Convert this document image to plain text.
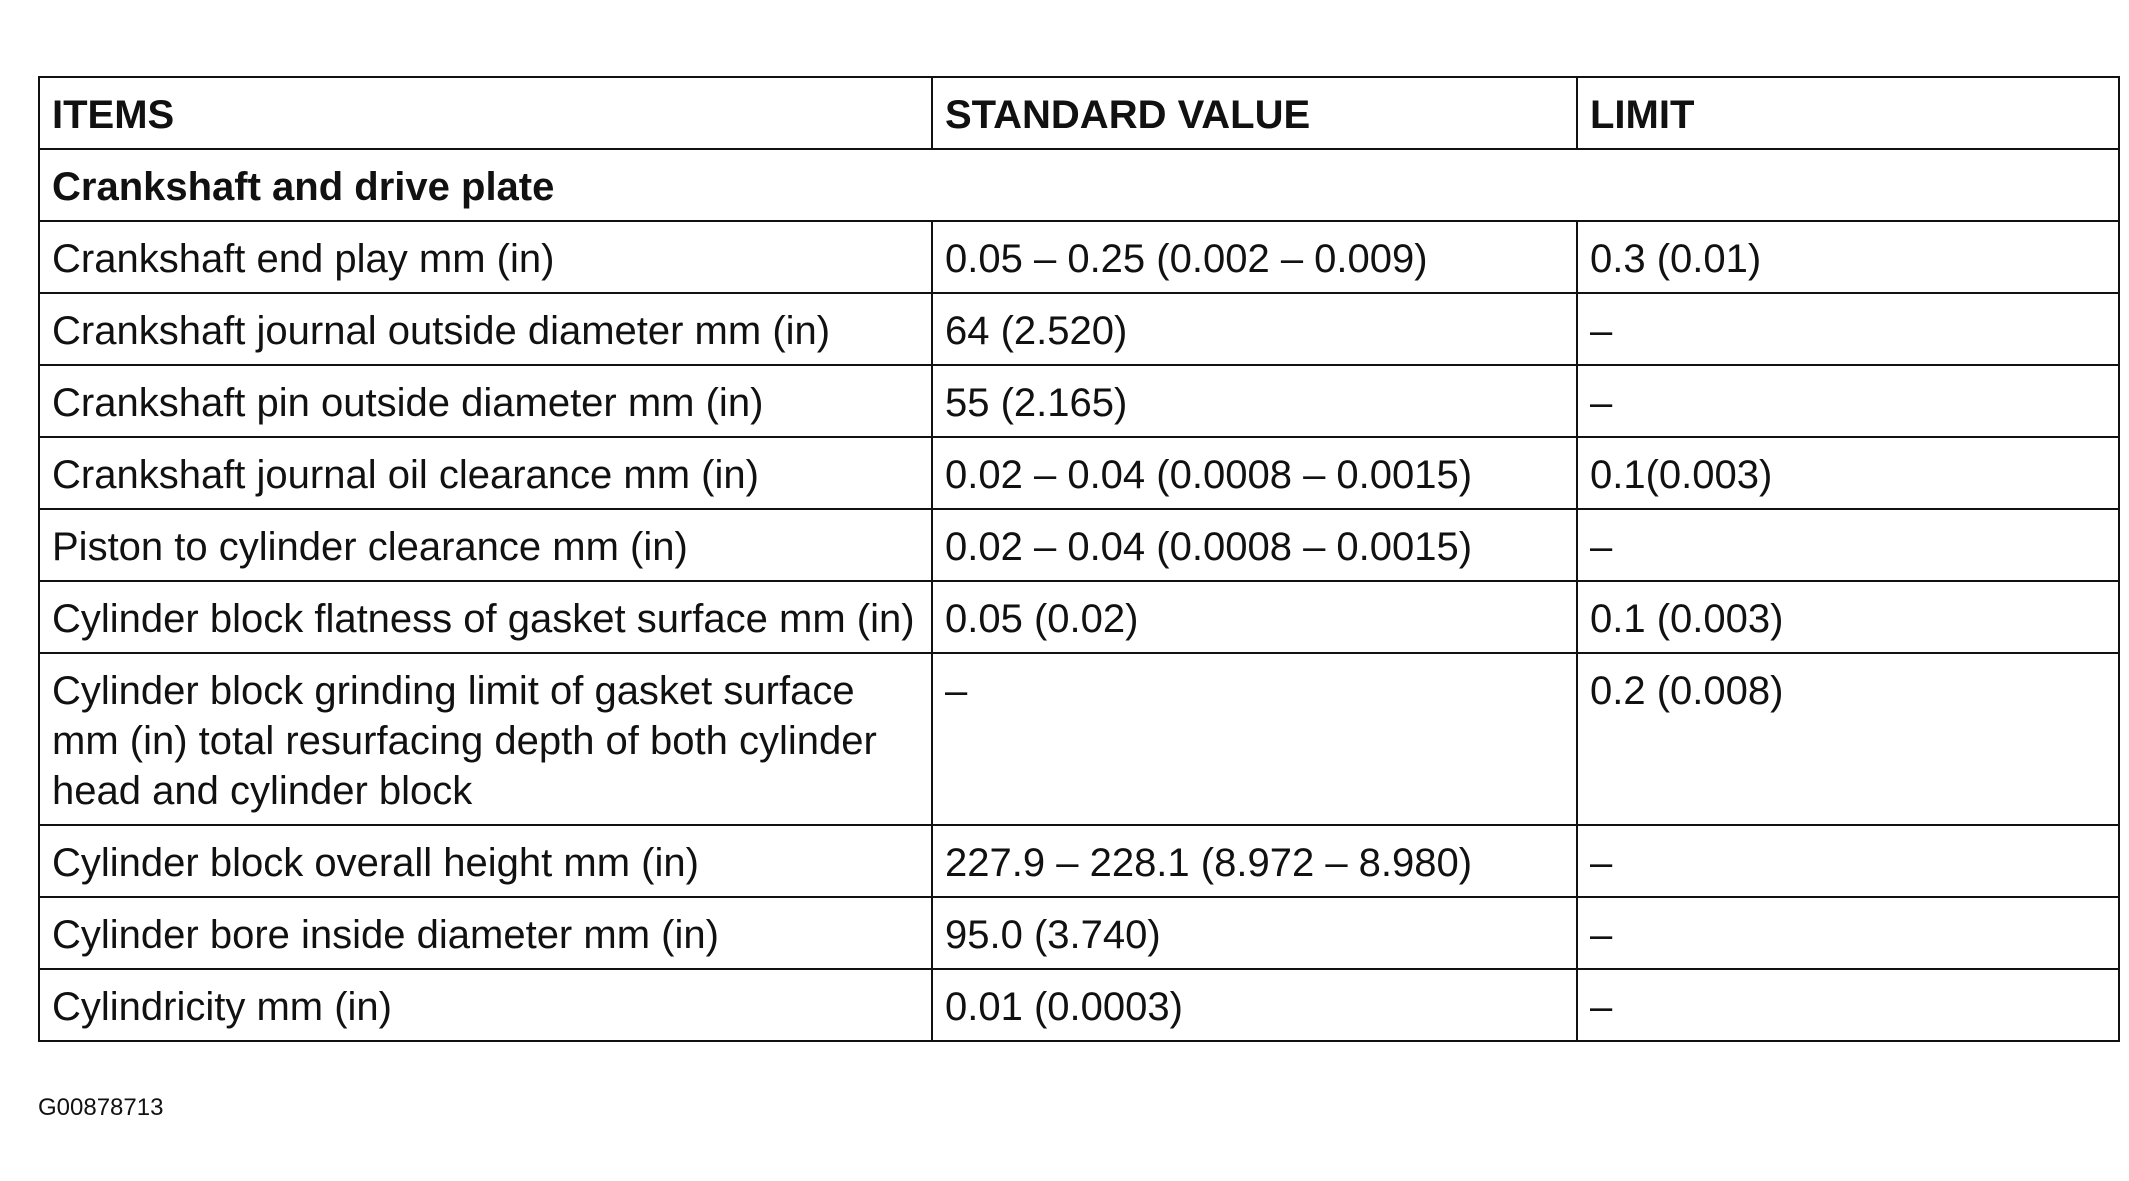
ITEMS	STANDARD VALUE	LIMIT
Crankshaft and drive plate		
Crankshaft end play mm (in)	0.05 – 0.25 (0.002 – 0.009)	0.3 (0.01)
Crankshaft journal outside diameter mm (in)	64 (2.520)	–
Crankshaft pin outside diameter mm (in)	55 (2.165)	–
Crankshaft journal oil clearance mm (in)	0.02 – 0.04 (0.0008 – 0.0015)	0.1(0.003)
Piston to cylinder clearance mm (in)	0.02 – 0.04 (0.0008 – 0.0015)	–
Cylinder block flatness of gasket surface mm (in)	0.05 (0.02)	0.1 (0.003)
Cylinder block grinding limit of gasket surface mm (in) total resurfacing depth of both cylinder head and cylinder block	–	0.2 (0.008)
Cylinder block overall height mm (in)	227.9 – 228.1 (8.972 – 8.980)	–
Cylinder bore inside diameter mm (in)	95.0 (3.740)	–
Cylindricity mm (in)	0.01 (0.0003)	–
G00878713
